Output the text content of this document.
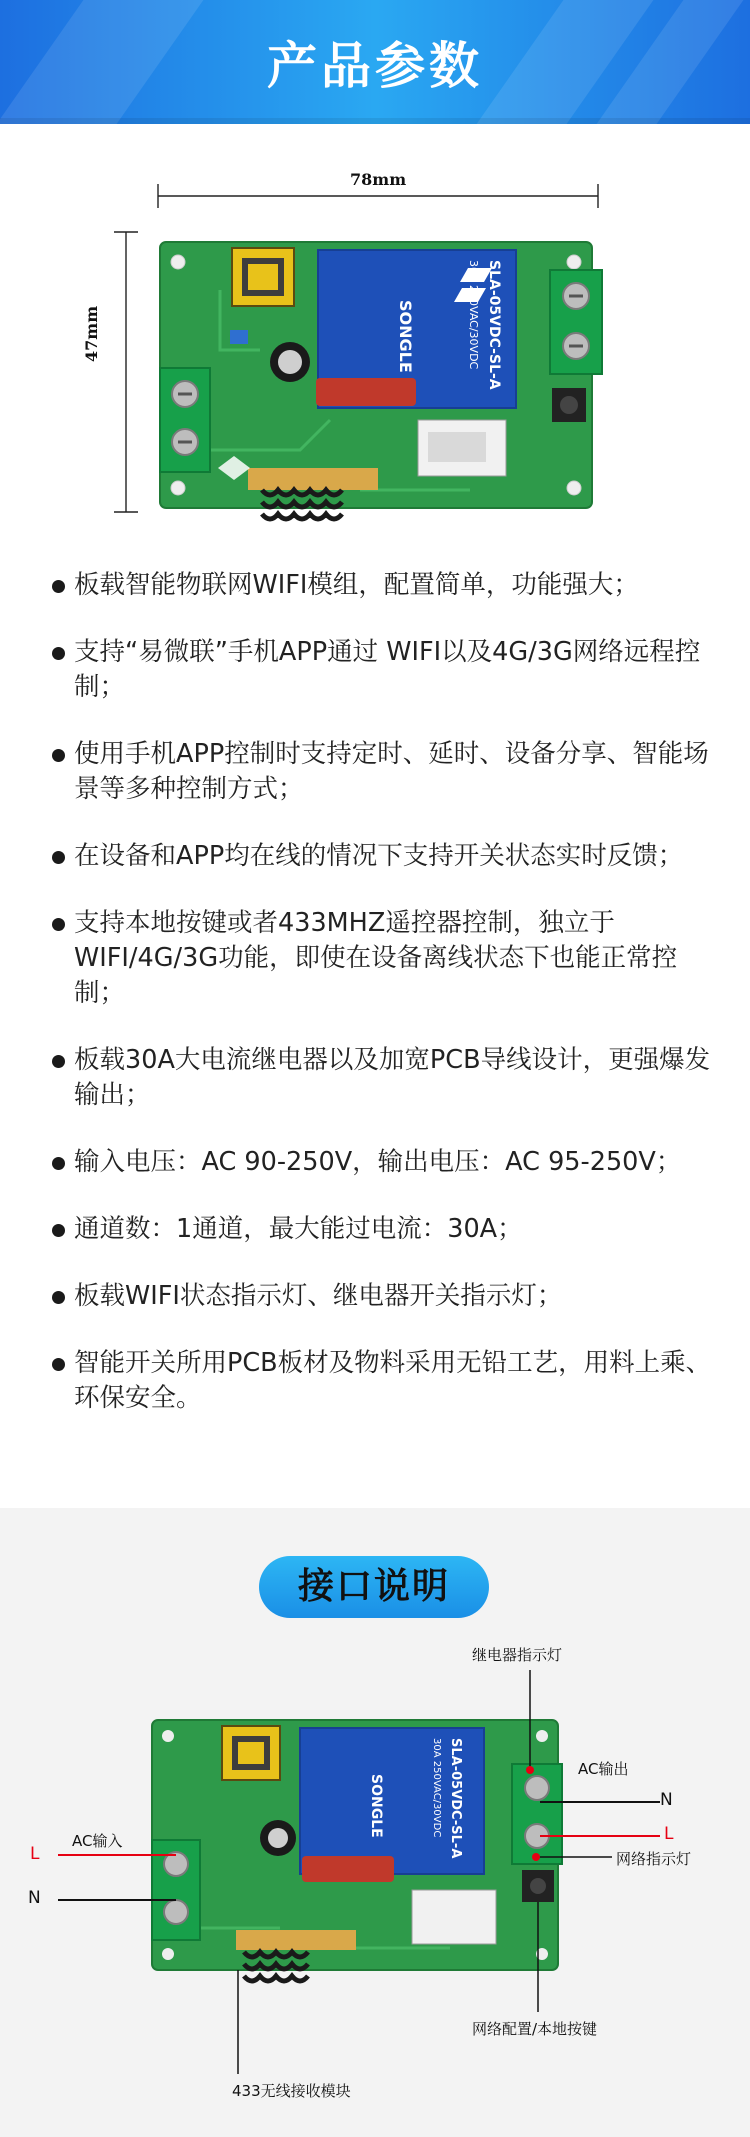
产品参数
SLA-05VDC-SL-A
30A 250VAC/30VDC
SONGLE
78mm
47mm
板载智能物联网WIFI模组，配置简单，功能强大；
支持“易微联”手机APP通过 WIFI以及4G/3G网络远程控制；
使用手机APP控制时支持定时、延时、设备分享、智能场景等多种控制方式；
在设备和APP均在线的情况下支持开关状态实时反馈；
支持本地按键或者433MHZ遥控器控制，独立于WIFI/4G/3G功能，即使在设备离线状态下也能正常控制；
板载30A大电流继电器以及加宽PCB导线设计，更强爆发输出；
输入电压：AC 90-250V，输出电压：AC 95-250V；
通道数：1通道，最大能过电流：30A；
板载WIFI状态指示灯、继电器开关指示灯；
智能开关所用PCB板材及物料采用无铅工艺，用料上乘、环保安全。
接口说明
SLA-05VDC-SL-A
30A 250VAC/30VDC
SONGLE
继电器指示灯
AC输出
N
L
AC输入
L
N
网络指示灯
网络配置/本地按键
433无线接收模块
